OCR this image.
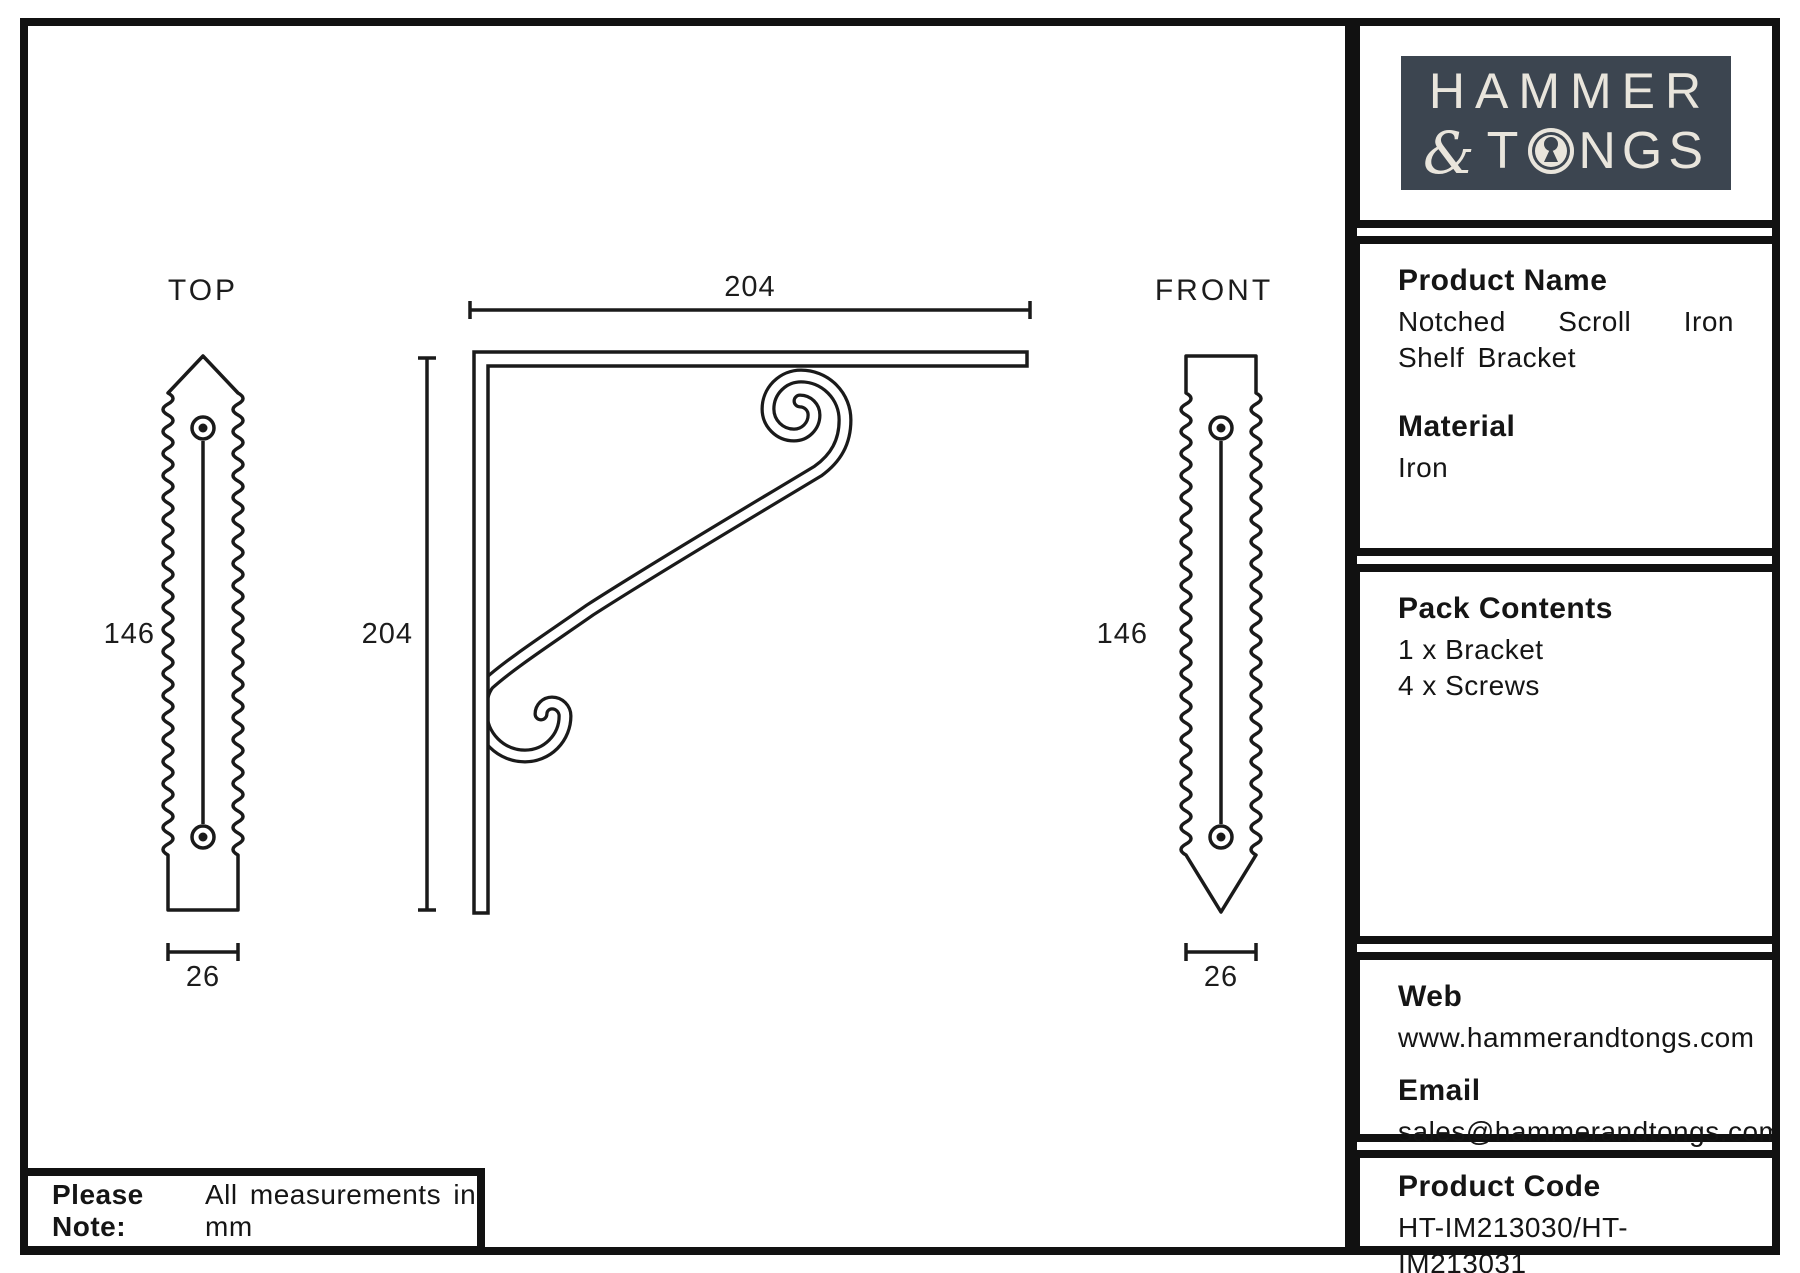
TOP	FRONT
204
204
146	146
26	26
HAMMER
& T NGS

Product Name

Notched Scroll Iron Shelf Bracket

Material

Iron

Pack Contents

1 x Bracket

4 x Screws

Web

www.hammerandtongs.com

Email

sales@hammerandtongs.com

Product Code

HT-IM213030/HT-IM213031

Please Note:
All measurements in mm
